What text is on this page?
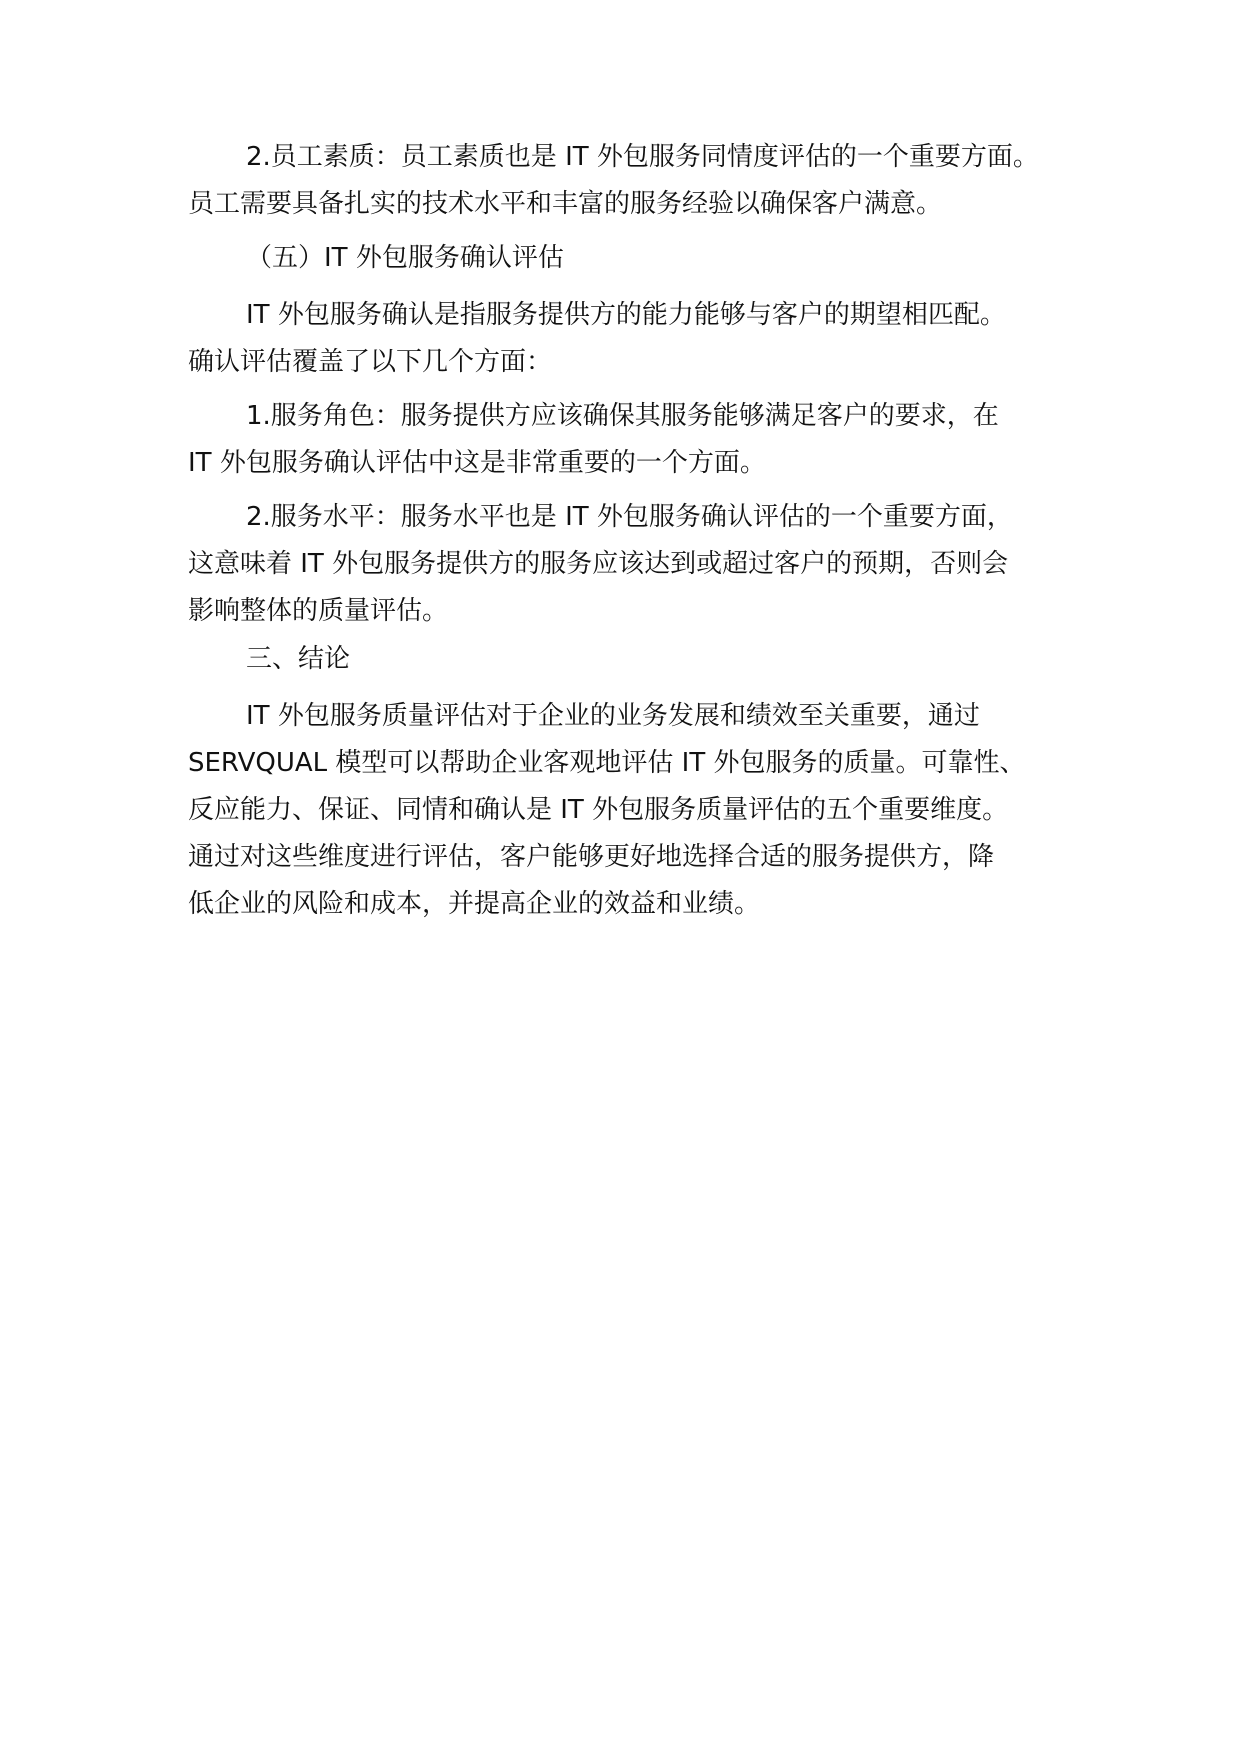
2.员工素质：员工素质也是 IT 外包服务同情度评估的一个重要方面。
员工需要具备扎实的技术水平和丰富的服务经验以确保客户满意。

（五）IT 外包服务确认评估

IT 外包服务确认是指服务提供方的能力能够与客户的期望相匹配。
确认评估覆盖了以下几个方面：

1.服务角色：服务提供方应该确保其服务能够满足客户的要求，在
IT 外包服务确认评估中这是非常重要的一个方面。

2.服务水平：服务水平也是 IT 外包服务确认评估的一个重要方面，
这意味着 IT 外包服务提供方的服务应该达到或超过客户的预期，否则会
影响整体的质量评估。

三、结论

IT 外包服务质量评估对于企业的业务发展和绩效至关重要，通过
SERVQUAL 模型可以帮助企业客观地评估 IT 外包服务的质量。可靠性、
反应能力、保证、同情和确认是 IT 外包服务质量评估的五个重要维度。
通过对这些维度进行评估，客户能够更好地选择合适的服务提供方，降
低企业的风险和成本，并提高企业的效益和业绩。
